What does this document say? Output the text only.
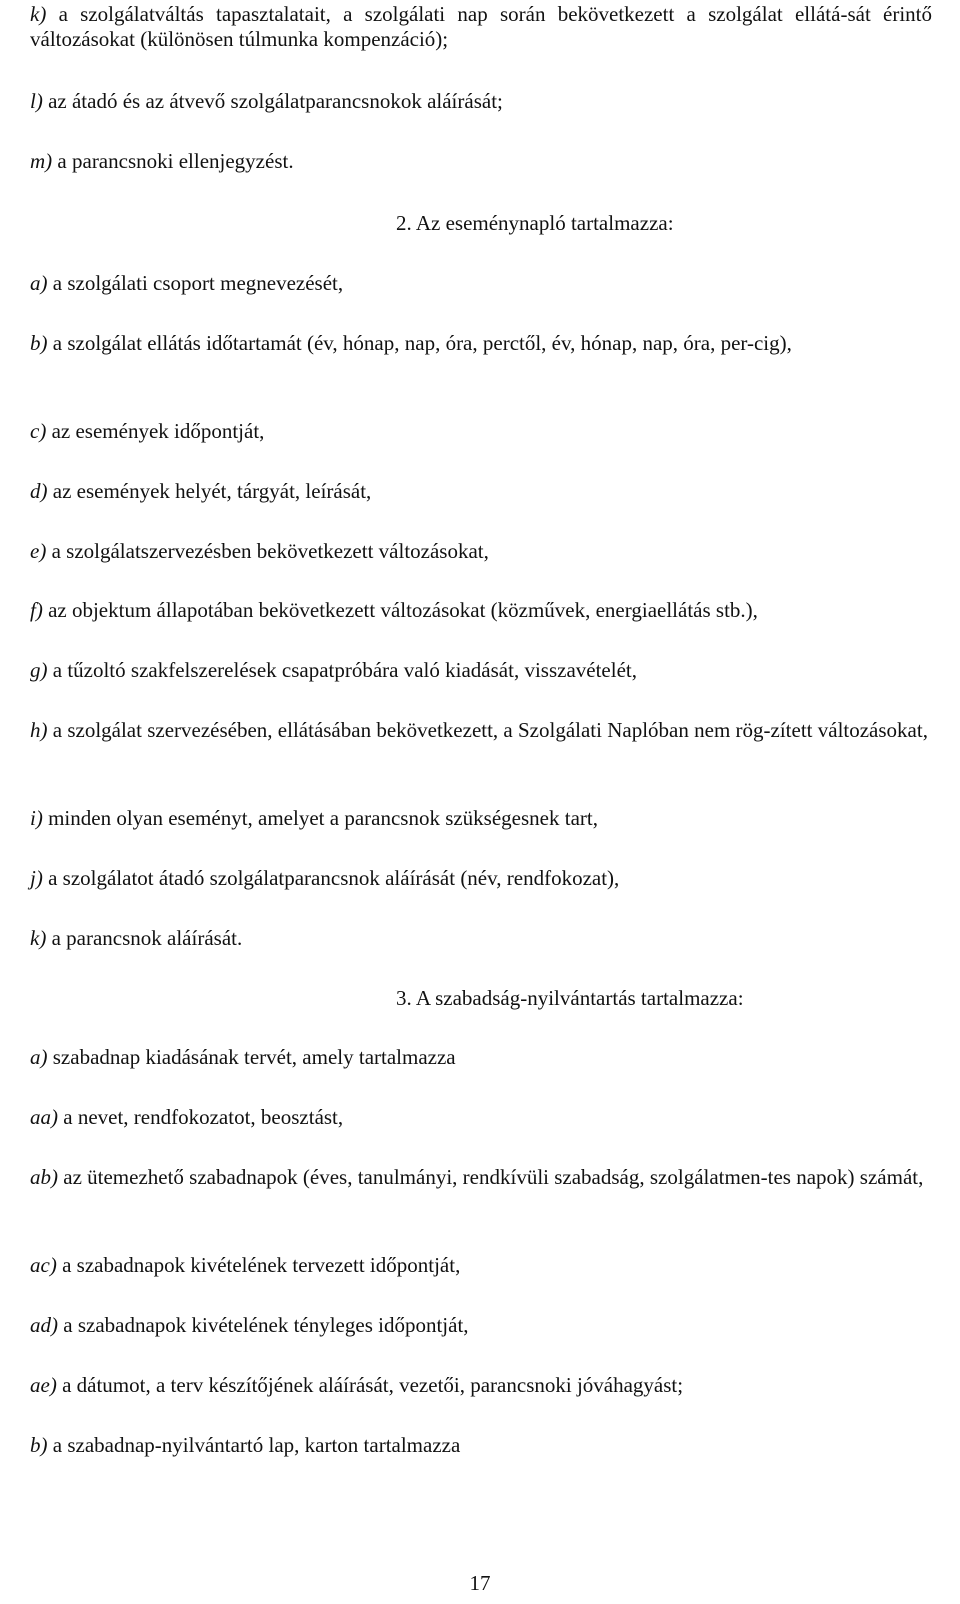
k) a szolgálatváltás tapasztalatait, a szolgálati nap során bekövetkezett a szolgálat ellátá-sát érintő változásokat (különösen túlmunka kompenzáció);

l) az átadó és az átvevő szolgálatparancsnokok aláírását;

m) a parancsnoki ellenjegyzést.

2. Az eseménynapló tartalmazza:

a) a szolgálati csoport megnevezését,

b) a szolgálat ellátás időtartamát (év, hónap, nap, óra, perctől, év, hónap, nap, óra, per-cig),

c) az események időpontját,

d) az események helyét, tárgyát, leírását,

e) a szolgálatszervezésben bekövetkezett változásokat,

f) az objektum állapotában bekövetkezett változásokat (közművek, energiaellátás stb.),

g) a tűzoltó szakfelszerelések csapatpróbára való kiadását, visszavételét,

h) a szolgálat szervezésében, ellátásában bekövetkezett, a Szolgálati Naplóban nem rög-zített változásokat,

i) minden olyan eseményt, amelyet a parancsnok szükségesnek tart,

j) a szolgálatot átadó szolgálatparancsnok aláírását (név, rendfokozat),

k) a parancsnok aláírását.

3. A szabadság-nyilvántartás tartalmazza:

a) szabadnap kiadásának tervét, amely tartalmazza

aa) a nevet, rendfokozatot, beosztást,

ab) az ütemezhető szabadnapok (éves, tanulmányi, rendkívüli szabadság, szolgálatmen-tes napok) számát,

ac) a szabadnapok kivételének tervezett időpontját,

ad) a szabadnapok kivételének tényleges időpontját,

ae) a dátumot, a terv készítőjének aláírását, vezetői, parancsnoki jóváhagyást;

b) a szabadnap-nyilvántartó lap, karton tartalmazza

17
